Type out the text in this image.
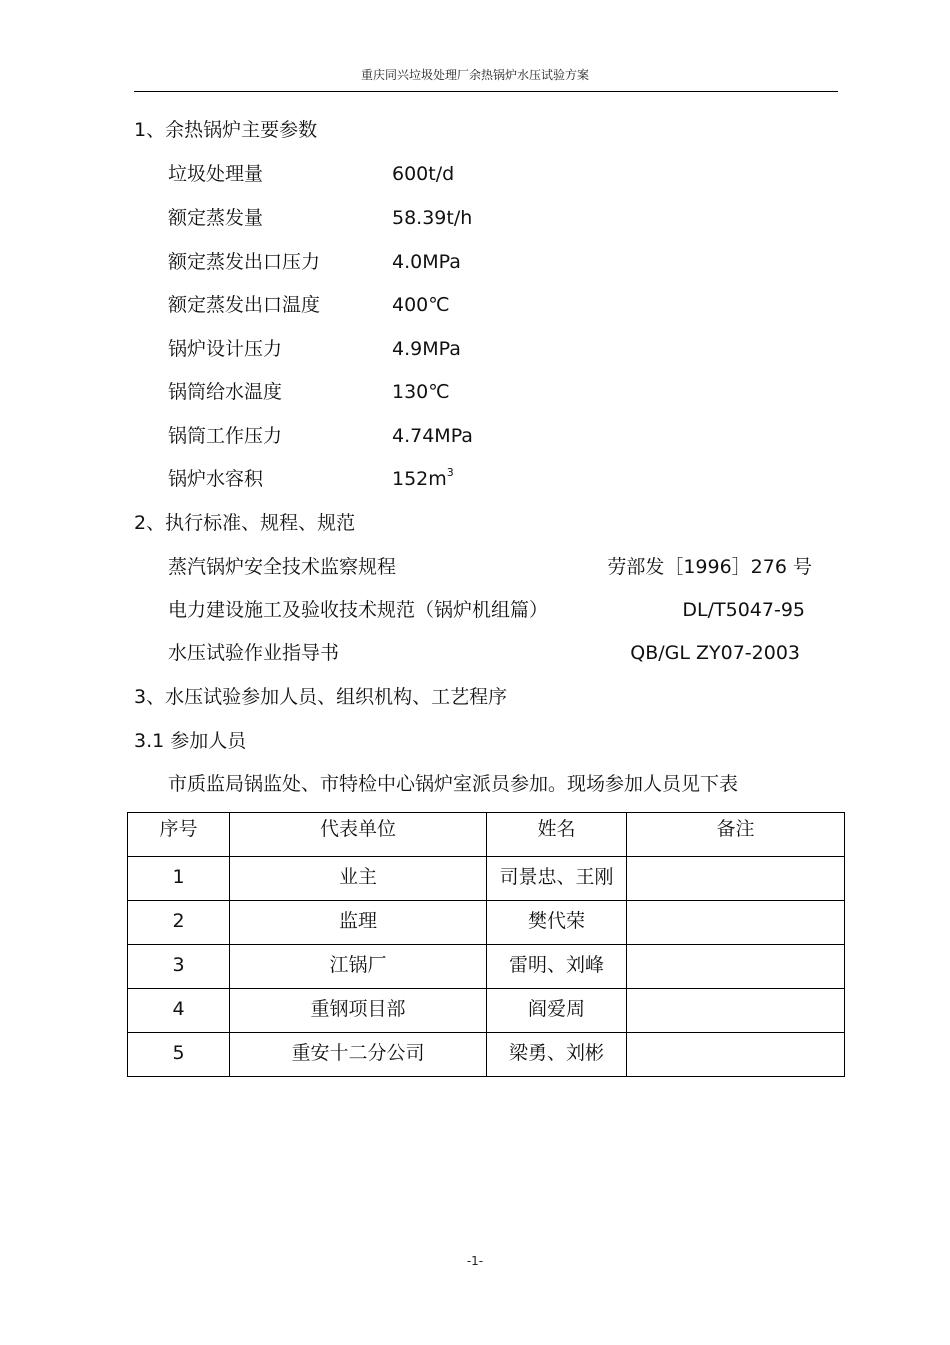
重庆同兴垃圾处理厂余热锅炉水压试验方案
1、余热锅炉主要参数
垃圾处理量	600t/d
额定蒸发量	58.39t/h
额定蒸发出口压力	4.0MPa
额定蒸发出口温度	400℃
锅炉设计压力	4.9MPa
锅筒给水温度	130℃
锅筒工作压力	4.74MPa
锅炉水容积	$152m^3$
2、执行标准、规程、规范
蒸汽锅炉安全技术监察规程	劳部发［1996］276 号
电力建设施工及验收技术规范（锅炉机组篇）	DL/T5047-95
水压试验作业指导书	QB/GL ZY07-2003
3、水压试验参加人员、组织机构、工艺程序
3.1 参加人员
市质监局锅监处、市特检中心锅炉室派员参加。现场参加人员见下表
序号	代表单位	姓名	备注
1	业主	司景忠、王刚	
2	监理	樊代荣	
3	江锅厂	雷明、刘峰	
4	重钢项目部	阎爱周	
5	重安十二分公司	梁勇、刘彬	
-1-
